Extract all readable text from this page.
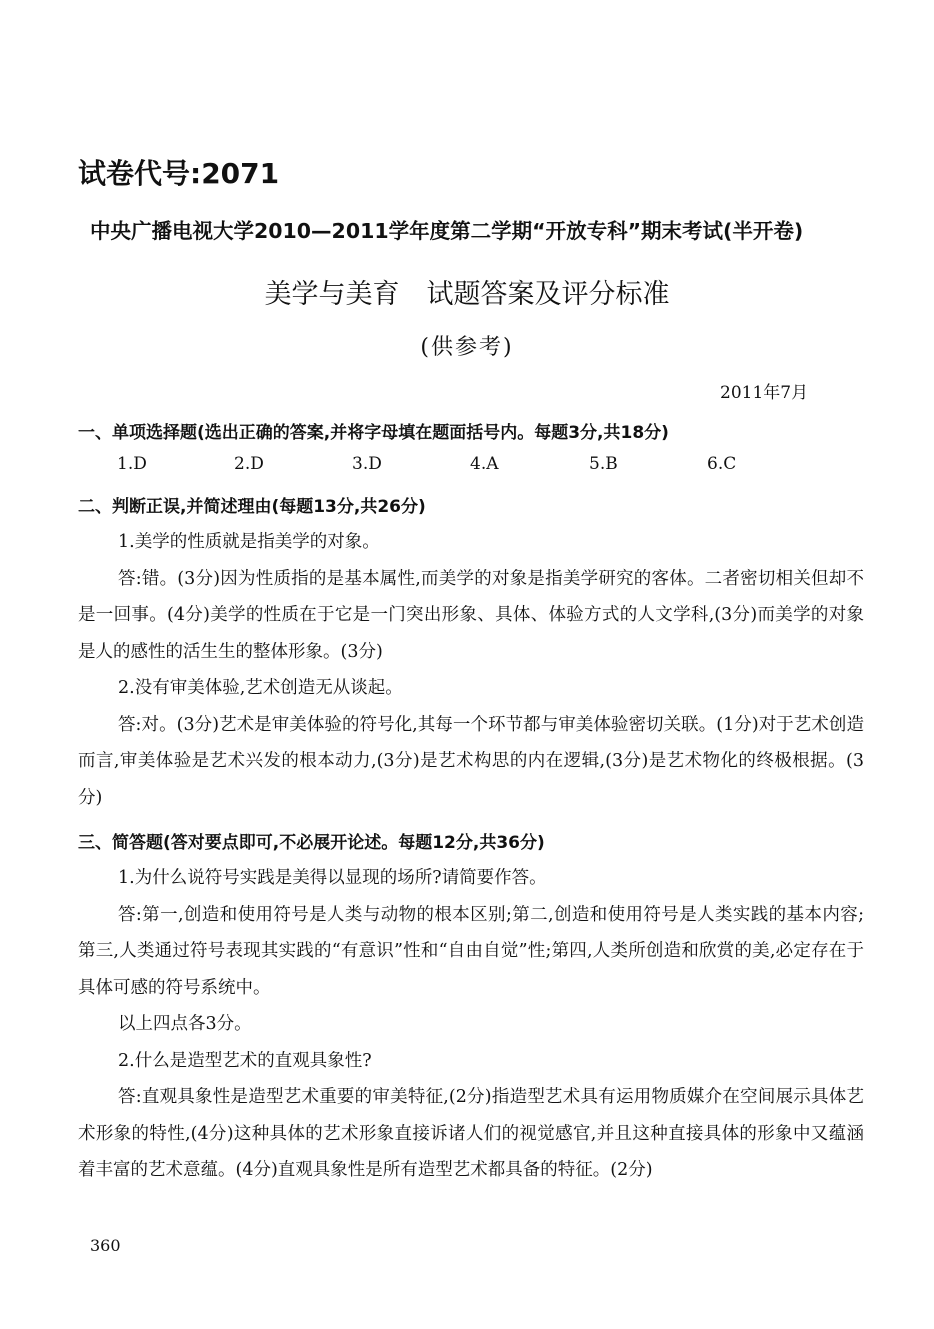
试卷代号:2071
中央广播电视大学2010—2011学年度第二学期“开放专科”期末考试(半开卷)
美学与美育　试题答案及评分标准
(供参考)
2011年7月
一、单项选择题(选出正确的答案,并将字母填在题面括号内。每题3分,共18分)
1.D	2.D	3.D	4.A	5.B	6.C
二、判断正误,并简述理由(每题13分,共26分)

1.美学的性质就是指美学的对象。

答:错。(3分)因为性质指的是基本属性,而美学的对象是指美学研究的客体。二者密切相关但却不是一回事。(4分)美学的性质在于它是一门突出形象、具体、体验方式的人文学科,(3分)而美学的对象是人的感性的活生生的整体形象。(3分)

2.没有审美体验,艺术创造无从谈起。

答:对。(3分)艺术是审美体验的符号化,其每一个环节都与审美体验密切关联。(1分)对于艺术创造而言,审美体验是艺术兴发的根本动力,(3分)是艺术构思的内在逻辑,(3分)是艺术物化的终极根据。(3分)

三、简答题(答对要点即可,不必展开论述。每题12分,共36分)

1.为什么说符号实践是美得以显现的场所?请简要作答。

答:第一,创造和使用符号是人类与动物的根本区别;第二,创造和使用符号是人类实践的基本内容;第三,人类通过符号表现其实践的“有意识”性和“自由自觉”性;第四,人类所创造和欣赏的美,必定存在于具体可感的符号系统中。

以上四点各3分。

2.什么是造型艺术的直观具象性?

答:直观具象性是造型艺术重要的审美特征,(2分)指造型艺术具有运用物质媒介在空间展示具体艺术形象的特性,(4分)这种具体的艺术形象直接诉诸人们的视觉感官,并且这种直接具体的形象中又蕴涵着丰富的艺术意蕴。(4分)直观具象性是所有造型艺术都具备的特征。(2分)

360
